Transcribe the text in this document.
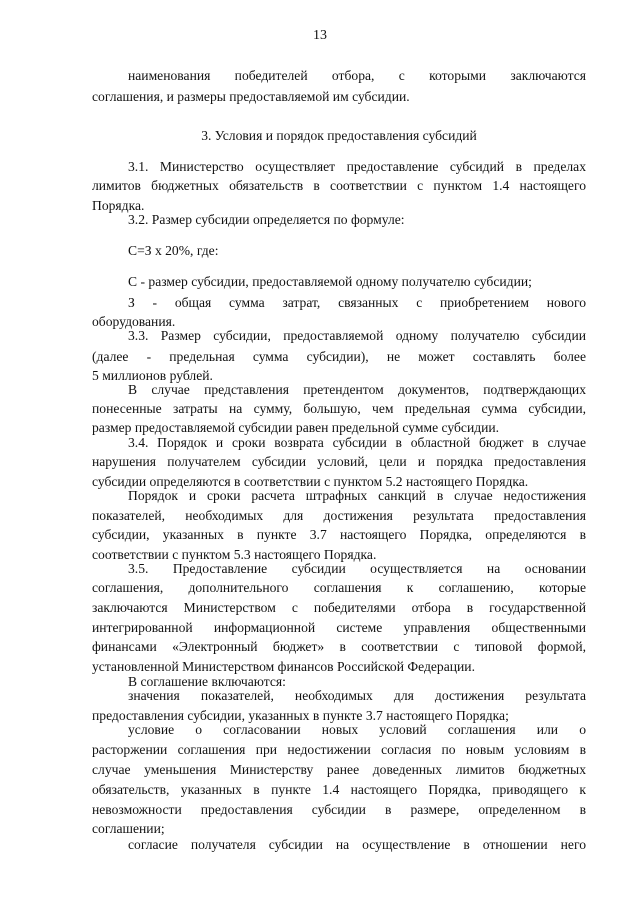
13
наименования победителей отбора, с которыми заключаются
соглашения, и размеры предоставляемой им субсидии.
3. Условия и порядок предоставления субсидий
3.1. Министерство осуществляет предоставление субсидий в пределах
лимитов бюджетных обязательств в соответствии с пунктом 1.4 настоящего
Порядка.
3.2. Размер субсидии определяется по формуле:
С=З х 20%, где:
С - размер субсидии, предоставляемой одному получателю субсидии;
З - общая сумма затрат, связанных с приобретением нового
оборудования.
3.3. Размер субсидии, предоставляемой одному получателю субсидии
(далее - предельная сумма субсидии), не может составлять более
5 миллионов рублей.
В случае представления претендентом документов, подтверждающих
понесенные затраты на сумму, большую, чем предельная сумма субсидии,
размер предоставляемой субсидии равен предельной сумме субсидии.
3.4. Порядок и сроки возврата субсидии в областной бюджет в случае
нарушения получателем субсидии условий, цели и порядка предоставления
субсидии определяются в соответствии с пунктом 5.2 настоящего Порядка.
Порядок и сроки расчета штрафных санкций в случае недостижения
показателей, необходимых для достижения результата предоставления
субсидии, указанных в пункте 3.7 настоящего Порядка, определяются в
соответствии с пунктом 5.3 настоящего Порядка.
3.5. Предоставление субсидии осуществляется на основании
соглашения, дополнительного соглашения к соглашению, которые
заключаются Министерством с победителями отбора в государственной
интегрированной информационной системе управления общественными
финансами «Электронный бюджет» в соответствии с типовой формой,
установленной Министерством финансов Российской Федерации.
В соглашение включаются:
значения показателей, необходимых для достижения результата
предоставления субсидии, указанных в пункте 3.7 настоящего Порядка;
условие о согласовании новых условий соглашения или о
расторжении соглашения при недостижении согласия по новым условиям в
случае уменьшения Министерству ранее доведенных лимитов бюджетных
обязательств, указанных в пункте 1.4 настоящего Порядка, приводящего к
невозможности предоставления субсидии в размере, определенном в
соглашении;
согласие получателя субсидии на осуществление в отношении него
